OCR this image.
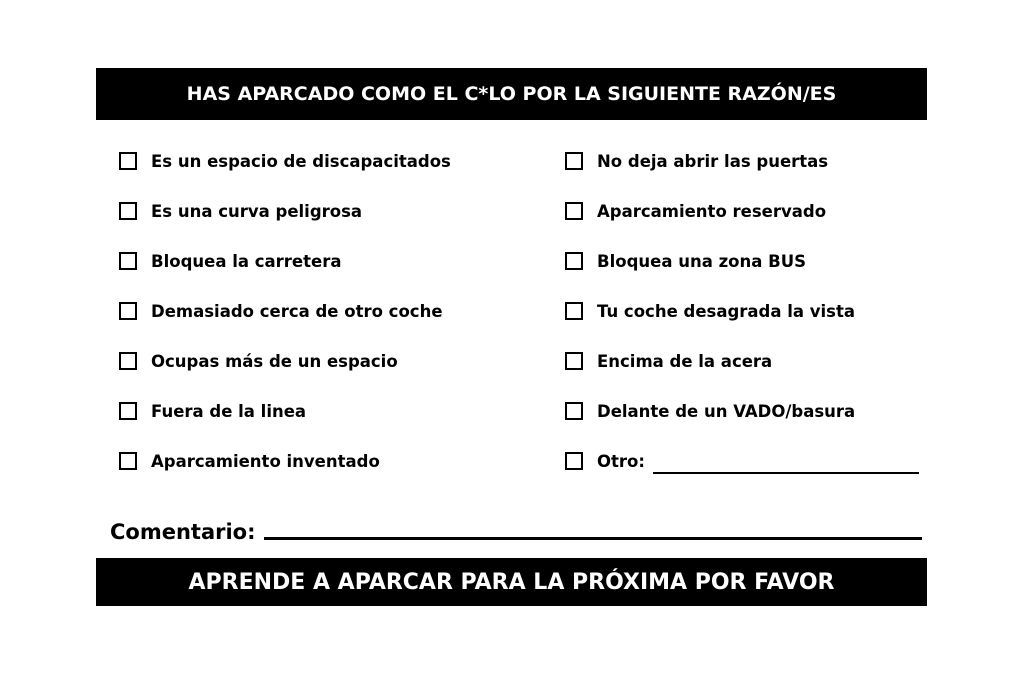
HAS APARCADO COMO EL C*LO POR LA SIGUIENTE RAZÓN/ES
Es un espacio de discapacitados
Es una curva peligrosa
Bloquea la carretera
Demasiado cerca de otro coche
Ocupas más de un espacio
Fuera de la linea
Aparcamiento inventado
No deja abrir las puertas
Aparcamiento reservado
Bloquea una zona BUS
Tu coche desagrada la vista
Encima de la acera
Delante de un VADO/basura
Otro:
Comentario:
APRENDE A APARCAR PARA LA PRÓXIMA POR FAVOR
